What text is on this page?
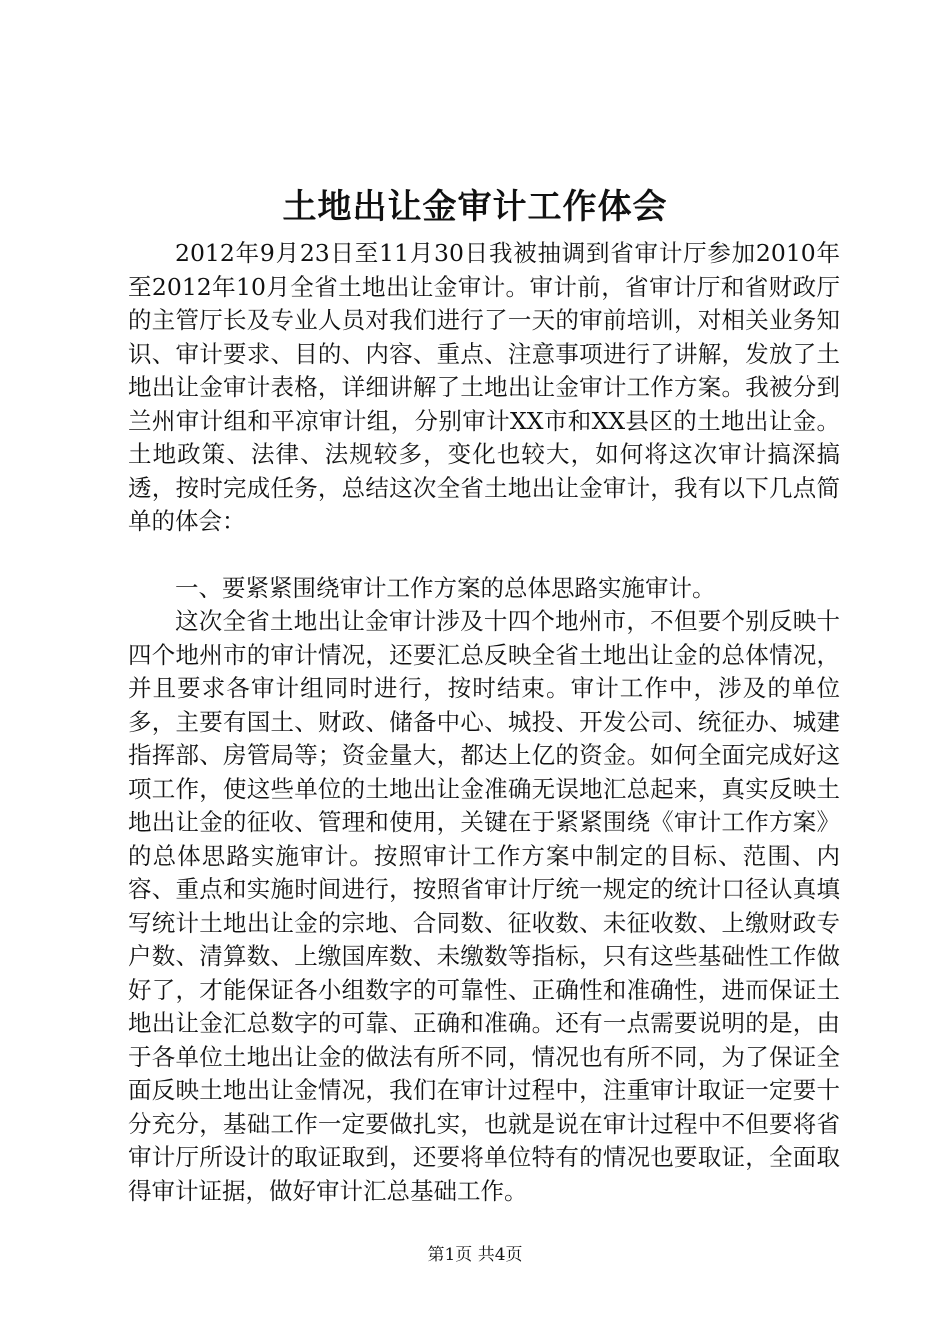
土地出让金审计工作体会

2012年9月23日至11月30日我被抽调到省审计厅参加2010年至2012年10月全省土地出让金审计。审计前，省审计厅和省财政厅的主管厅长及专业人员对我们进行了一天的审前培训，对相关业务知识、审计要求、目的、内容、重点、注意事项进行了讲解，发放了土地出让金审计表格，详细讲解了土地出让金审计工作方案。我被分到兰州审计组和平凉审计组，分别审计XX市和XX县区的土地出让金。土地政策、法律、法规较多，变化也较大，如何将这次审计搞深搞透，按时完成任务，总结这次全省土地出让金审计，我有以下几点简单的体会：

一、要紧紧围绕审计工作方案的总体思路实施审计。

这次全省土地出让金审计涉及十四个地州市，不但要个别反映十四个地州市的审计情况，还要汇总反映全省土地出让金的总体情况，并且要求各审计组同时进行，按时结束。审计工作中，涉及的单位多，主要有国土、财政、储备中心、城投、开发公司、统征办、城建指挥部、房管局等；资金量大，都达上亿的资金。如何全面完成好这项工作，使这些单位的土地出让金准确无误地汇总起来，真实反映土地出让金的征收、管理和使用，关键在于紧紧围绕《审计工作方案》的总体思路实施审计。按照审计工作方案中制定的目标、范围、内容、重点和实施时间进行，按照省审计厅统一规定的统计口径认真填写统计土地出让金的宗地、合同数、征收数、未征收数、上缴财政专户数、清算数、上缴国库数、未缴数等指标，只有这些基础性工作做好了，才能保证各小组数字的可靠性、正确性和准确性，进而保证土地出让金汇总数字的可靠、正确和准确。还有一点需要说明的是，由于各单位土地出让金的做法有所不同，情况也有所不同，为了保证全面反映土地出让金情况，我们在审计过程中，注重审计取证一定要十分充分，基础工作一定要做扎实，也就是说在审计过程中不但要将省审计厅所设计的取证取到，还要将单位特有的情况也要取证，全面取得审计证据，做好审计汇总基础工作。

第1页 共4页
